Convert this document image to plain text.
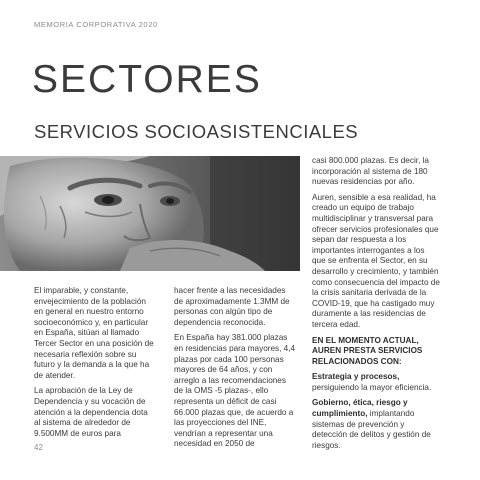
MEMORIA CORPORATIVA 2020
SECTORES
SERVICIOS SOCIOASISTENCIALES

El imparable, y constante, envejecimiento de la población en general en nuestro entorno socioeconómico y, en particular en España, sitúan al llamado Tercer Sector en una posición de necesaria reflexión sobre su futuro y la demanda a la que ha de atender.

La aprobación de la Ley de Dependencia y su vocación de atención a la dependencia dota al sistema de alrededor de 9.500MM de euros para

hacer frente a las necesidades de aproximadamente 1.3MM de personas con algún tipo de dependencia reconocida.

En España hay 381.000 plazas en residencias para mayores, 4,4 plazas por cada 100 personas mayores de 64 años, y con arreglo a las recomendaciones de la OMS -5 plazas-, ello representa un déficit de casi 66.000 plazas que, de acuerdo a las proyecciones del INE, vendrían a representar una necesidad en 2050 de

casi 800.000 plazas. Es decir, la incorporación al sistema de 180 nuevas residencias por año.

Auren, sensible a esa realidad, ha creado un equipo de trabajo multidisciplinar y transversal para ofrecer servicios profesionales que sepan dar respuesta a los importantes interrogantes a los que se enfrenta el Sector, en su desarrollo y crecimiento, y también como consecuencia del impacto de la crisis sanitaria derivada de la COVID-19, que ha castigado muy duramente a las residencias de tercera edad.

EN EL MOMENTO ACTUAL, AUREN PRESTA SERVICIOS RELACIONADOS CON:

Estrategia y procesos, persiguiendo la mayor eficiencia.

Gobierno, ética, riesgo y cumplimiento, implantando sistemas de prevención y detección de delitos y gestión de riesgos.

42
